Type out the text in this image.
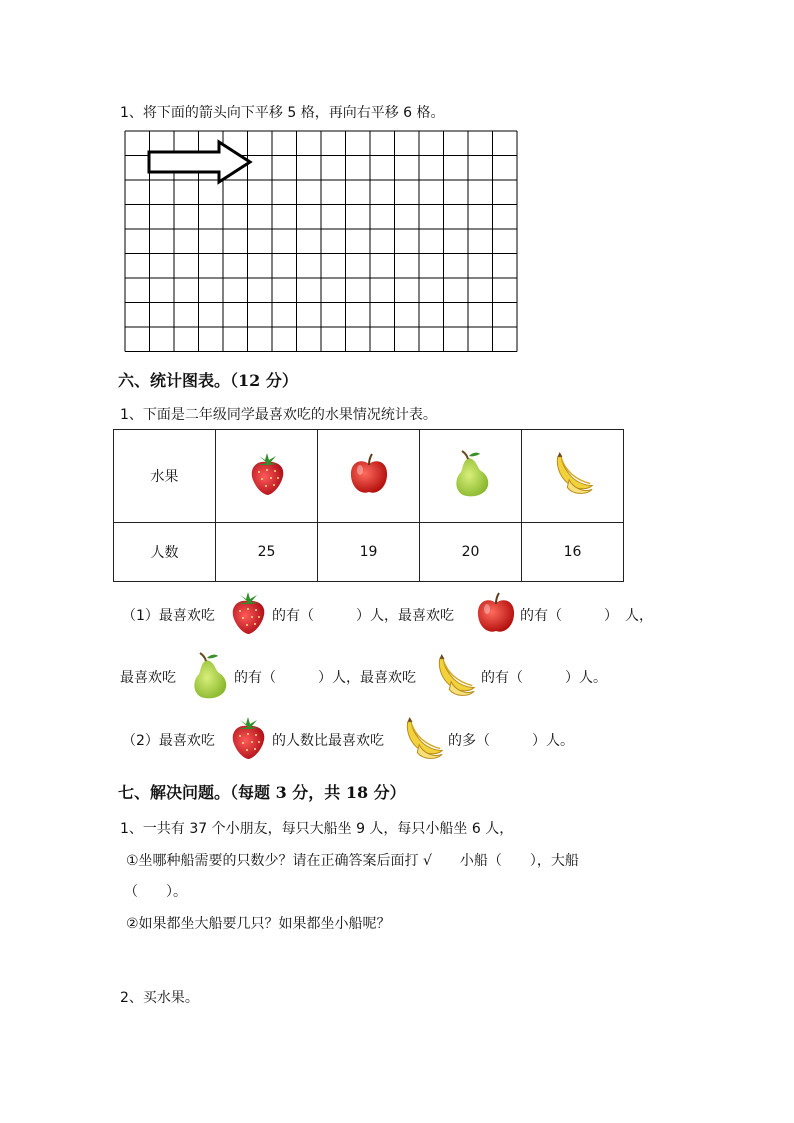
1、将下面的箭头向下平移 5 格，再向右平移 6 格。
六、统计图表。（12 分）
1、下面是二年级同学最喜欢吃的水果情况统计表。
水果				
人数	25	19	20	16
（1）最喜欢吃	的有（　　　）人，最喜欢吃	的有（　　　）　人，
最喜欢吃	的有（　　　）人，最喜欢吃	的有（　　　）人。
（2）最喜欢吃	的人数比最喜欢吃	的多（　　　）人。
七、解决问题。（每题 3 分，共 18 分）
1、一共有 37 个小朋友，每只大船坐 9 人，每只小船坐 6 人，
①坐哪种船需要的只数少？请在正确答案后面打 √　　小船（　　），大船
（　　）。
②如果都坐大船要几只？如果都坐小船呢？
2、买水果。
